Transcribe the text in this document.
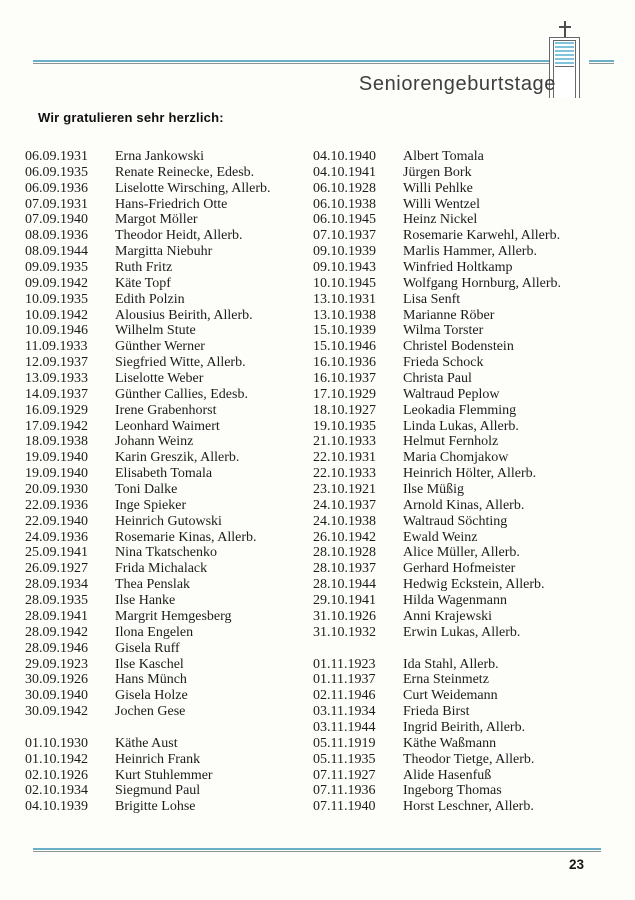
Seniorengeburtstage
Wir gratulieren sehr herzlich:
06.09.1931	Erna Jankowski
06.09.1935	Renate Reinecke, Edesb.
06.09.1936	Liselotte Wirsching, Allerb.
07.09.1931	Hans-Friedrich Otte
07.09.1940	Margot Möller
08.09.1936	Theodor Heidt, Allerb.
08.09.1944	Margitta Niebuhr
09.09.1935	Ruth Fritz
09.09.1942	Käte Topf
10.09.1935	Edith Polzin
10.09.1942	Alousius Beirith, Allerb.
10.09.1946	Wilhelm Stute
11.09.1933	Günther Werner
12.09.1937	Siegfried Witte, Allerb.
13.09.1933	Liselotte Weber
14.09.1937	Günther Callies, Edesb.
16.09.1929	Irene Grabenhorst
17.09.1942	Leonhard Waimert
18.09.1938	Johann Weinz
19.09.1940	Karin Greszik, Allerb.
19.09.1940	Elisabeth Tomala
20.09.1930	Toni Dalke
22.09.1936	Inge Spieker
22.09.1940	Heinrich Gutowski
24.09.1936	Rosemarie Kinas, Allerb.
25.09.1941	Nina Tkatschenko
26.09.1927	Frida Michalack
28.09.1934	Thea Penslak
28.09.1935	Ilse Hanke
28.09.1941	Margrit Hemgesberg
28.09.1942	Ilona Engelen
28.09.1946	Gisela Ruff
29.09.1923	Ilse Kaschel
30.09.1926	Hans Münch
30.09.1940	Gisela Holze
30.09.1942	Jochen Gese
01.10.1930	Käthe Aust
01.10.1942	Heinrich Frank
02.10.1926	Kurt Stuhlemmer
02.10.1934	Siegmund Paul
04.10.1939	Brigitte Lohse
04.10.1940	Albert Tomala
04.10.1941	Jürgen Bork
06.10.1928	Willi Pehlke
06.10.1938	Willi Wentzel
06.10.1945	Heinz Nickel
07.10.1937	Rosemarie Karwehl, Allerb.
09.10.1939	Marlis Hammer, Allerb.
09.10.1943	Winfried Holtkamp
10.10.1945	Wolfgang Hornburg, Allerb.
13.10.1931	Lisa Senft
13.10.1938	Marianne Röber
15.10.1939	Wilma Torster
15.10.1946	Christel Bodenstein
16.10.1936	Frieda Schock
16.10.1937	Christa Paul
17.10.1929	Waltraud Peplow
18.10.1927	Leokadia Flemming
19.10.1935	Linda Lukas, Allerb.
21.10.1933	Helmut Fernholz
22.10.1931	Maria Chomjakow
22.10.1933	Heinrich Hölter, Allerb.
23.10.1921	Ilse Müßig
24.10.1937	Arnold Kinas, Allerb.
24.10.1938	Waltraud Söchting
26.10.1942	Ewald Weinz
28.10.1928	Alice Müller, Allerb.
28.10.1937	Gerhard Hofmeister
28.10.1944	Hedwig Eckstein, Allerb.
29.10.1941	Hilda Wagenmann
31.10.1926	Anni Krajewski
31.10.1932	Erwin Lukas, Allerb.
01.11.1923	Ida Stahl, Allerb.
01.11.1937	Erna Steinmetz
02.11.1946	Curt Weidemann
03.11.1934	Frieda Birst
03.11.1944	Ingrid Beirith, Allerb.
05.11.1919	Käthe Waßmann
05.11.1935	Theodor Tietge, Allerb.
07.11.1927	Alide Hasenfuß
07.11.1936	Ingeborg Thomas
07.11.1940	Horst Leschner, Allerb.
23
